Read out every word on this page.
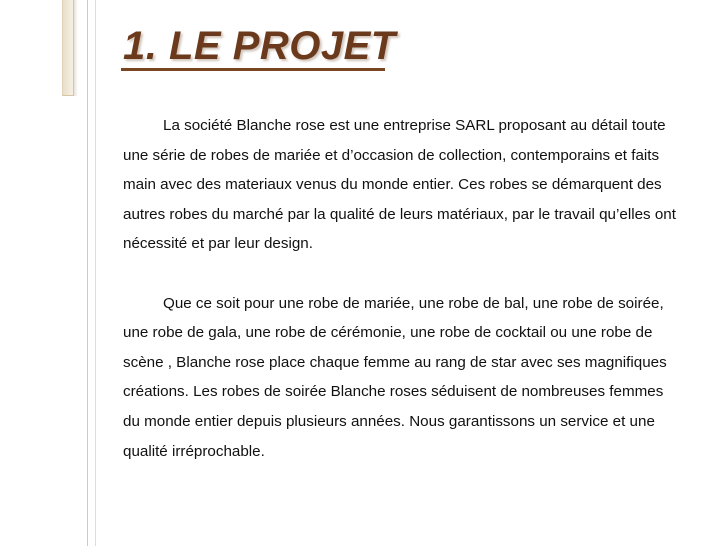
1. LE PROJET

La société Blanche rose est une entreprise SARL proposant au détail toute une série de robes de mariée et d’occasion de collection, contemporains et faits main avec des materiaux venus du monde entier. Ces robes se démarquent des autres robes du marché par la qualité de leurs matériaux, par le travail qu’elles ont nécessité et par leur design.

Que ce soit pour une robe de mariée, une robe de bal, une robe de soirée, une robe de gala, une robe de cérémonie, une robe de cocktail ou une robe de scène , Blanche rose place chaque femme au rang de star avec ses magnifiques créations. Les robes de soirée Blanche roses séduisent de nombreuses femmes du monde entier depuis plusieurs années. Nous garantissons un service et une qualité irréprochable.
